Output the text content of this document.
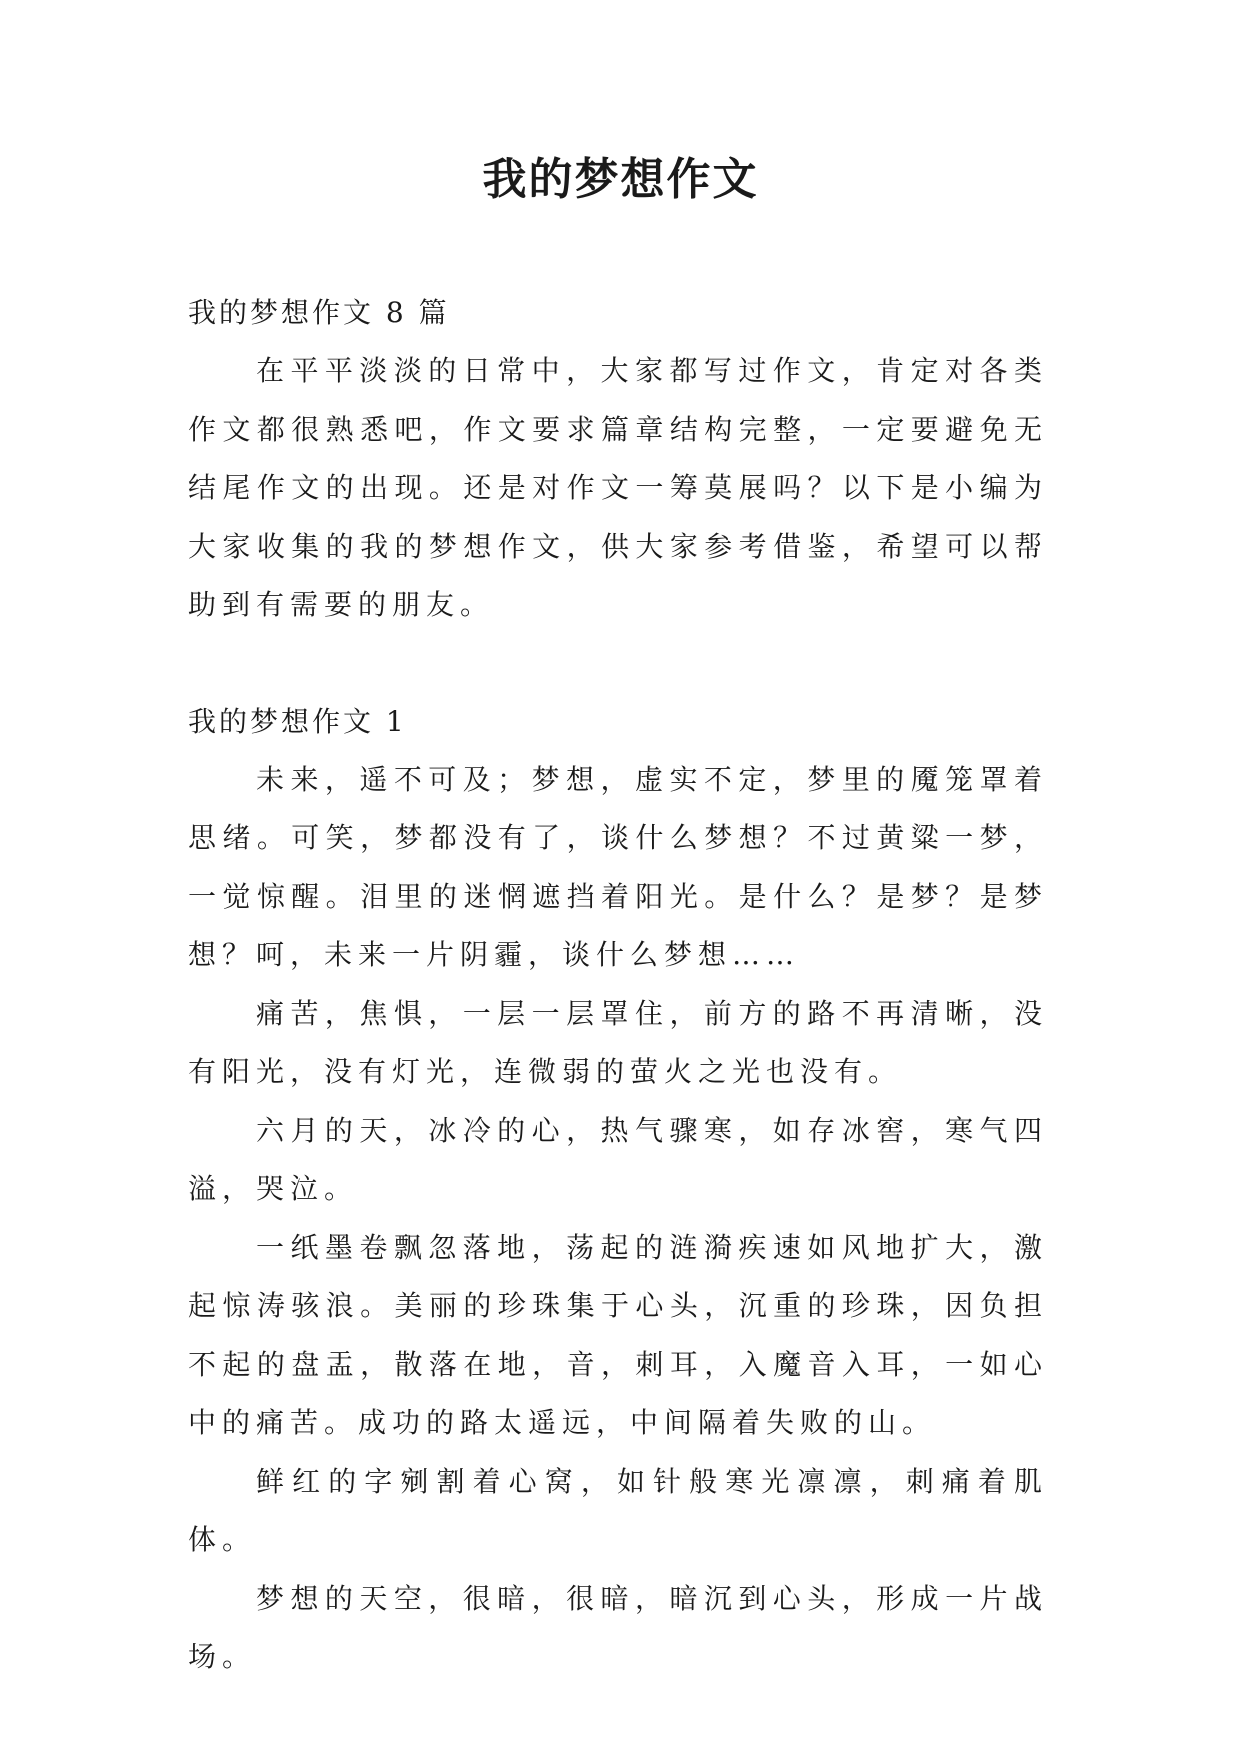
我的梦想作文

我的梦想作文 8 篇

在平平淡淡的日常中，大家都写过作文，肯定对各类作文都很熟悉吧，作文要求篇章结构完整，一定要避免无结尾作文的出现。还是对作文一筹莫展吗？以下是小编为大家收集的我的梦想作文，供大家参考借鉴，希望可以帮助到有需要的朋友。

我的梦想作文 1

未来，遥不可及；梦想，虚实不定，梦里的魇笼罩着思绪。可笑，梦都没有了，谈什么梦想？不过黄粱一梦，一觉惊醒。泪里的迷惘遮挡着阳光。是什么？是梦？是梦想？呵，未来一片阴霾，谈什么梦想……

痛苦，焦惧，一层一层罩住，前方的路不再清晰，没有阳光，没有灯光，连微弱的萤火之光也没有。

六月的天，冰冷的心，热气骤寒，如存冰窖，寒气四溢，哭泣。

一纸墨卷飘忽落地，荡起的涟漪疾速如风地扩大，激起惊涛骇浪。美丽的珍珠集于心头，沉重的珍珠，因负担不起的盘盂，散落在地，音，刺耳，入魔音入耳，一如心中的痛苦。成功的路太遥远，中间隔着失败的山。

鲜红的字剜割着心窝，如针般寒光凛凛，刺痛着肌体。

梦想的天空，很暗，很暗，暗沉到心头，形成一片战场。
